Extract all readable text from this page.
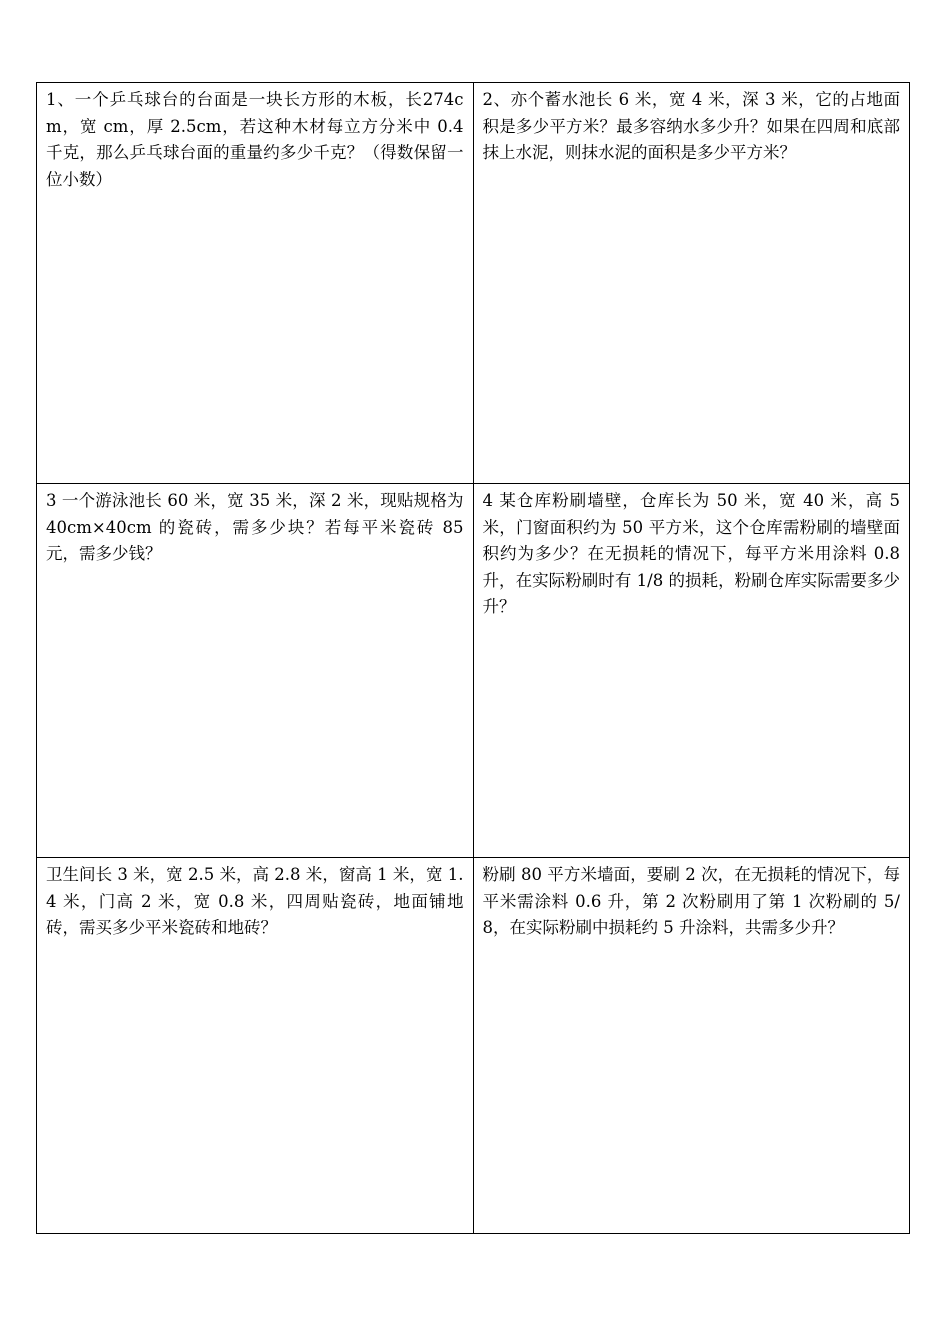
1、一个乒乓球台的台面是一块长方形的木板，长274cm，宽 cm，厚 2.5cm，若这种木材每立方分米中 0.4 千克，那么乒乓球台面的重量约多少千克？（得数保留一位小数）	2、亦个蓄水池长 6 米，宽 4 米，深 3 米，它的占地面积是多少平方米？最多容纳水多少升？如果在四周和底部抹上水泥，则抹水泥的面积是多少平方米？

3 一个游泳池长 60 米，宽 35 米，深 2 米，现贴规格为 40cm×40cm 的瓷砖，需多少块？若每平米瓷砖 85 元，需多少钱？	4 某仓库粉刷墙壁，仓库长为 50 米，宽 40 米，高 5 米，门窗面积约为 50 平方米，这个仓库需粉刷的墙壁面积约为多少？在无损耗的情况下，每平方米用涂料 0.8 升，在实际粉刷时有 1/8 的损耗，粉刷仓库实际需要多少升？

卫生间长 3 米，宽 2.5 米，高 2.8 米，窗高 1 米，宽 1.4 米，门高 2 米，宽 0.8 米，四周贴瓷砖，地面铺地砖，需买多少平米瓷砖和地砖？	粉刷 80 平方米墙面，要刷 2 次，在无损耗的情况下，每平米需涂料 0.6 升，第 2 次粉刷用了第 1 次粉刷的 5/8，在实际粉刷中损耗约 5 升涂料，共需多少升？
